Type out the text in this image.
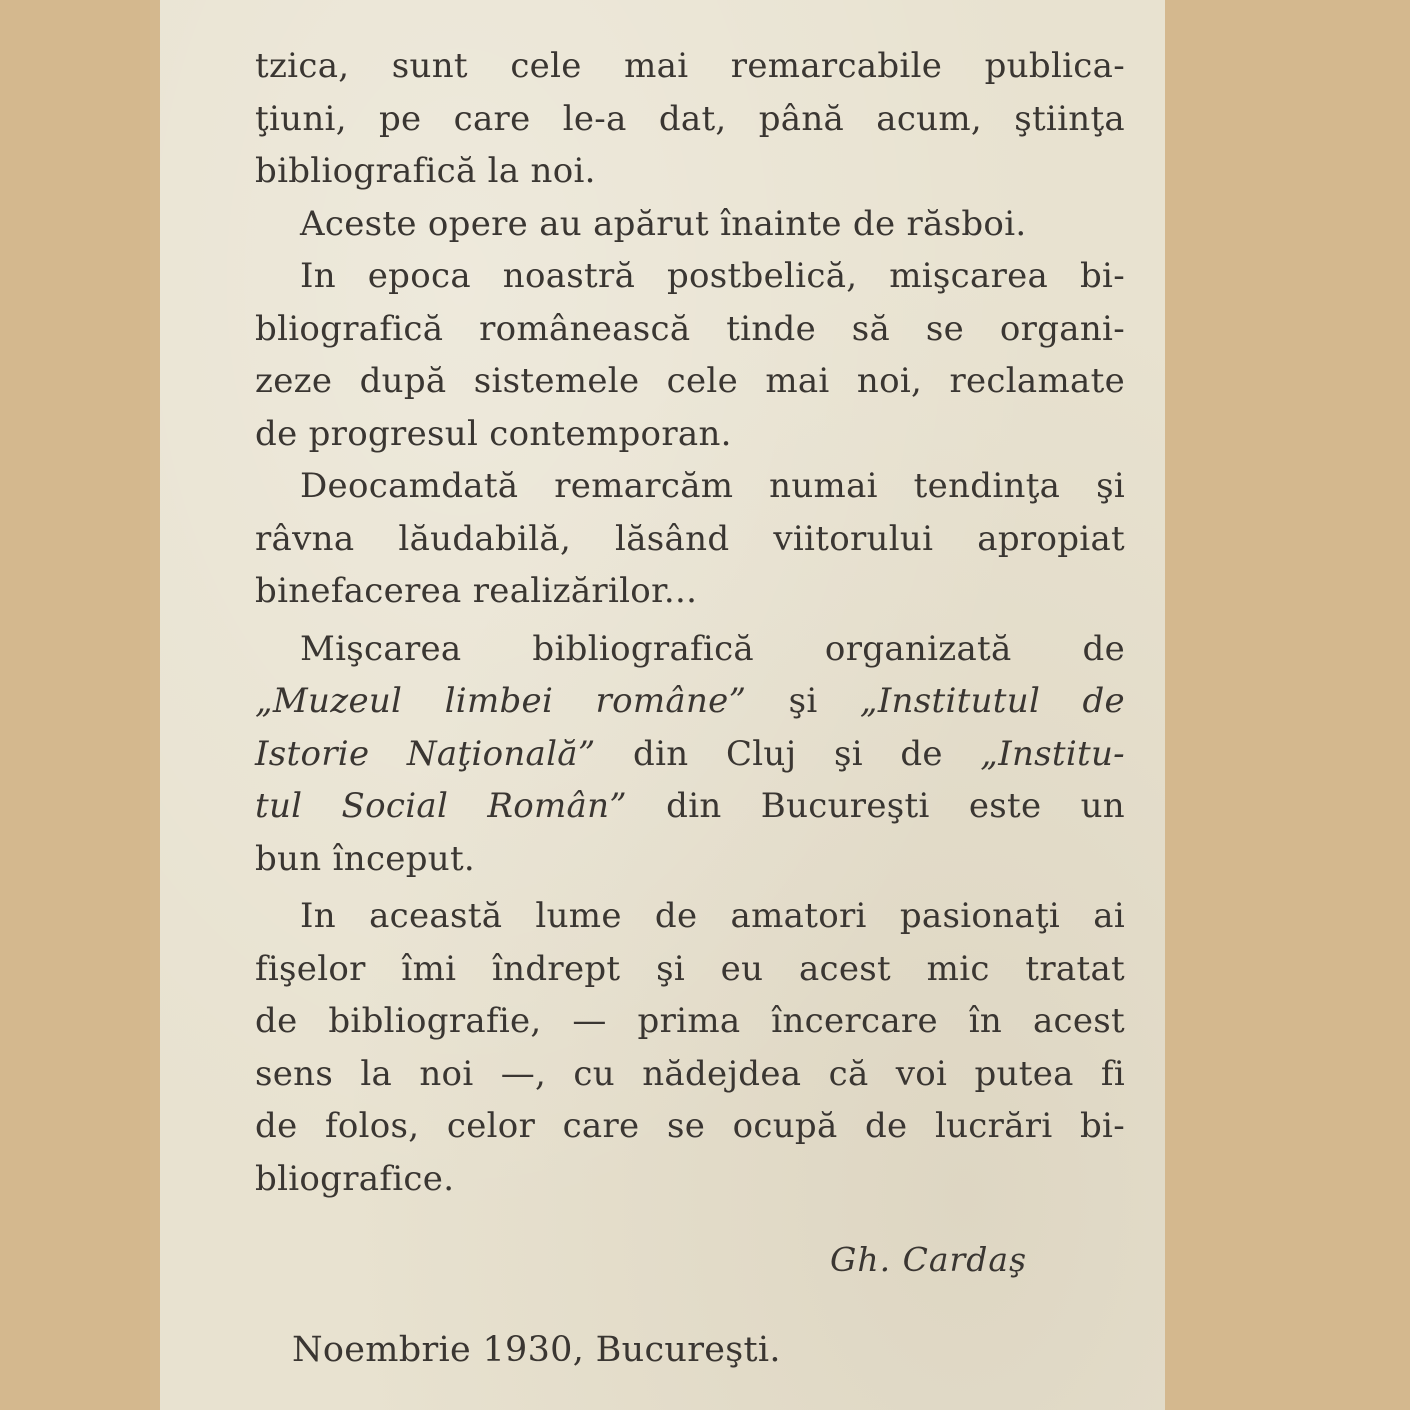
tzica, sunt cele mai remarcabile publica-
ţiuni, pe care le-a dat, până acum, ştiinţa
bibliografică la noi.
Aceste opere au apărut înainte de răsboi.
In epoca noastră postbelică, mişcarea bi-
bliografică românească tinde să se organi-
zeze după sistemele cele mai noi, reclamate
de progresul contemporan.
Deocamdată remarcăm numai tendinţa şi
râvna lăudabilă, lăsând viitorului apropiat
binefacerea realizărilor...
Mişcarea bibliografică organizată de
„Muzeul limbei române” şi „Institutul de
Istorie Naţională” din Cluj şi de „Institu-
tul Social Român” din Bucureşti este un
bun început.
In această lume de amatori pasionaţi ai
fişelor îmi îndrept şi eu acest mic tratat
de bibliografie, — prima încercare în acest
sens la noi —, cu nădejdea că voi putea fi
de folos, celor care se ocupă de lucrări bi-
bliografice.
Gh. Cardaş
Noembrie 1930, Bucureşti.
